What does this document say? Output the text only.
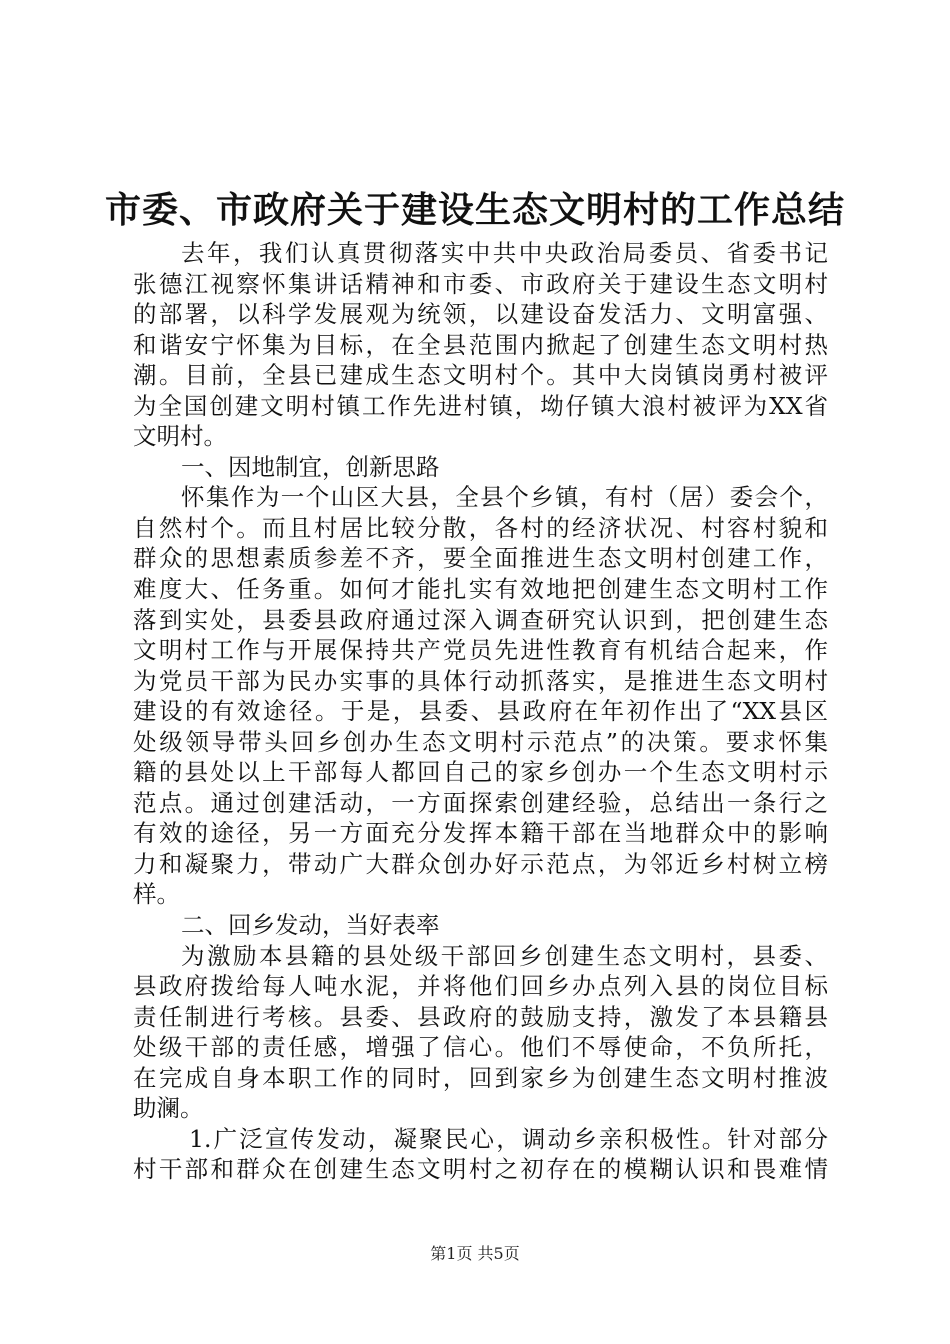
市委、市政府关于建设生态文明村的工作总结
去年，我们认真贯彻落实中共中央政治局委员、省委书记
张德江视察怀集讲话精神和市委、市政府关于建设生态文明村
的部署，以科学发展观为统领，以建设奋发活力、文明富强、
和谐安宁怀集为目标，在全县范围内掀起了创建生态文明村热
潮。目前，全县已建成生态文明村个。其中大岗镇岗勇村被评
为全国创建文明村镇工作先进村镇，坳仔镇大浪村被评为XX省
文明村。
一、因地制宜，创新思路
怀集作为一个山区大县，全县个乡镇，有村（居）委会个，
自然村个。而且村居比较分散，各村的经济状况、村容村貌和
群众的思想素质参差不齐，要全面推进生态文明村创建工作，
难度大、任务重。如何才能扎实有效地把创建生态文明村工作
落到实处，县委县政府通过深入调查研究认识到，把创建生态
文明村工作与开展保持共产党员先进性教育有机结合起来，作
为党员干部为民办实事的具体行动抓落实，是推进生态文明村
建设的有效途径。于是，县委、县政府在年初作出了“XX县区
处级领导带头回乡创办生态文明村示范点”的决策。要求怀集
籍的县处以上干部每人都回自己的家乡创办一个生态文明村示
范点。通过创建活动，一方面探索创建经验，总结出一条行之
有效的途径，另一方面充分发挥本籍干部在当地群众中的影响
力和凝聚力，带动广大群众创办好示范点，为邻近乡村树立榜
样。
二、回乡发动，当好表率
为激励本县籍的县处级干部回乡创建生态文明村，县委、
县政府拨给每人吨水泥，并将他们回乡办点列入县的岗位目标
责任制进行考核。县委、县政府的鼓励支持，激发了本县籍县
处级干部的责任感，增强了信心。他们不辱使命，不负所托，
在完成自身本职工作的同时，回到家乡为创建生态文明村推波
助澜。
1.广泛宣传发动，凝聚民心，调动乡亲积极性。针对部分
村干部和群众在创建生态文明村之初存在的模糊认识和畏难情
第1页 共5页
